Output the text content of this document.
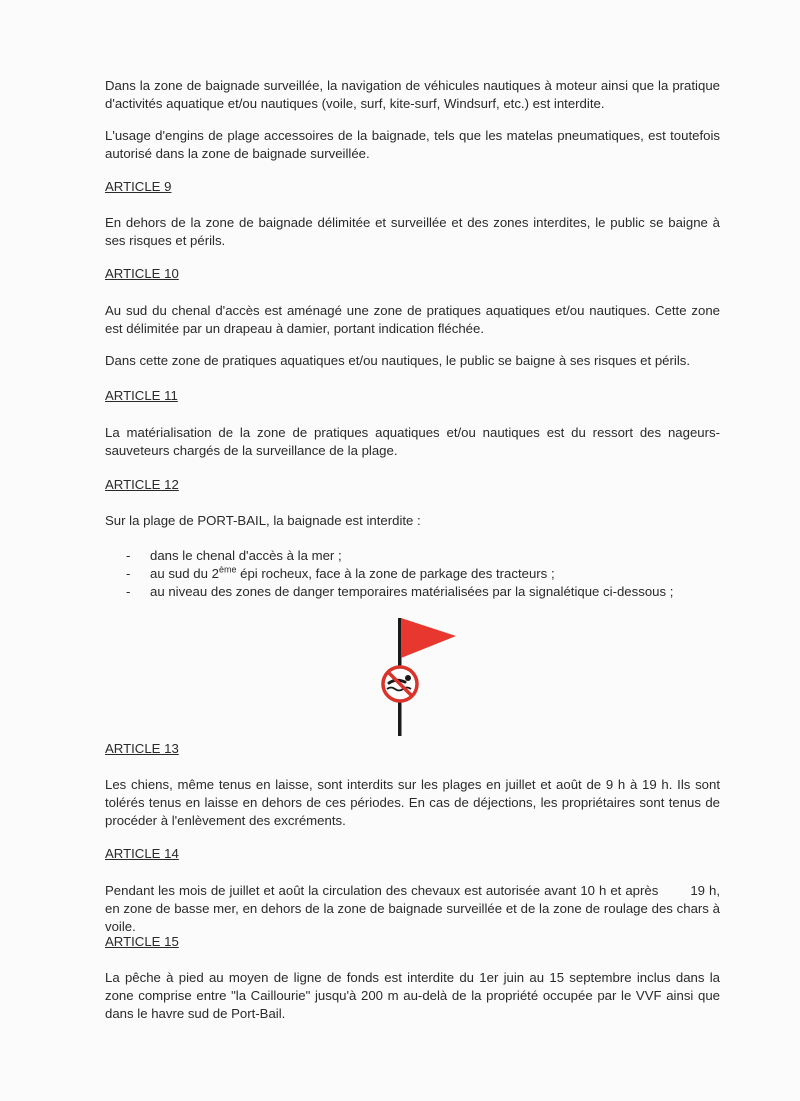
Dans la zone de baignade surveillée, la navigation de véhicules nautiques à moteur ainsi que la pratique d'activités aquatique et/ou nautiques (voile, surf, kite-surf, Windsurf, etc.) est interdite.

L'usage d'engins de plage accessoires de la baignade, tels que les matelas pneumatiques, est toutefois autorisé dans la zone de baignade surveillée.

ARTICLE 9

En dehors de la zone de baignade délimitée et surveillée et des zones interdites, le public se baigne à ses risques et périls.

ARTICLE 10

Au sud du chenal d'accès est aménagé une zone de pratiques aquatiques et/ou nautiques. Cette zone est délimitée par un drapeau à damier, portant indication fléchée.

Dans cette zone de pratiques aquatiques et/ou nautiques, le public se baigne à ses risques et périls.

ARTICLE 11

La matérialisation de la zone de pratiques aquatiques et/ou nautiques est du ressort des nageurs-sauveteurs chargés de la surveillance de la plage.

ARTICLE 12

Sur la plage de PORT-BAIL, la baignade est interdite :

- dans le chenal d'accès à la mer ;
- au sud du 2ème épi rocheux, face à la zone de parkage des tracteurs ;
- au niveau des zones de danger temporaires matérialisées par la signalétique ci-dessous ;

ARTICLE 13

Les chiens, même tenus en laisse, sont interdits sur les plages en juillet et août de 9 h à 19 h. Ils sont tolérés tenus en laisse en dehors de ces périodes. En cas de déjections, les propriétaires sont tenus de procéder à l'enlèvement des excréments.

ARTICLE 14

Pendant les mois de juillet et août la circulation des chevaux est autorisée avant 10 h et après        19 h, en zone de basse mer, en dehors de la zone de baignade surveillée et de la zone de roulage des chars à voile.

ARTICLE 15

La pêche à pied au moyen de ligne de fonds est interdite du 1er juin au 15 septembre inclus dans la zone comprise entre "la Caillourie" jusqu'à 200 m au-delà de la propriété occupée par le VVF ainsi que dans le havre sud de Port-Bail.
